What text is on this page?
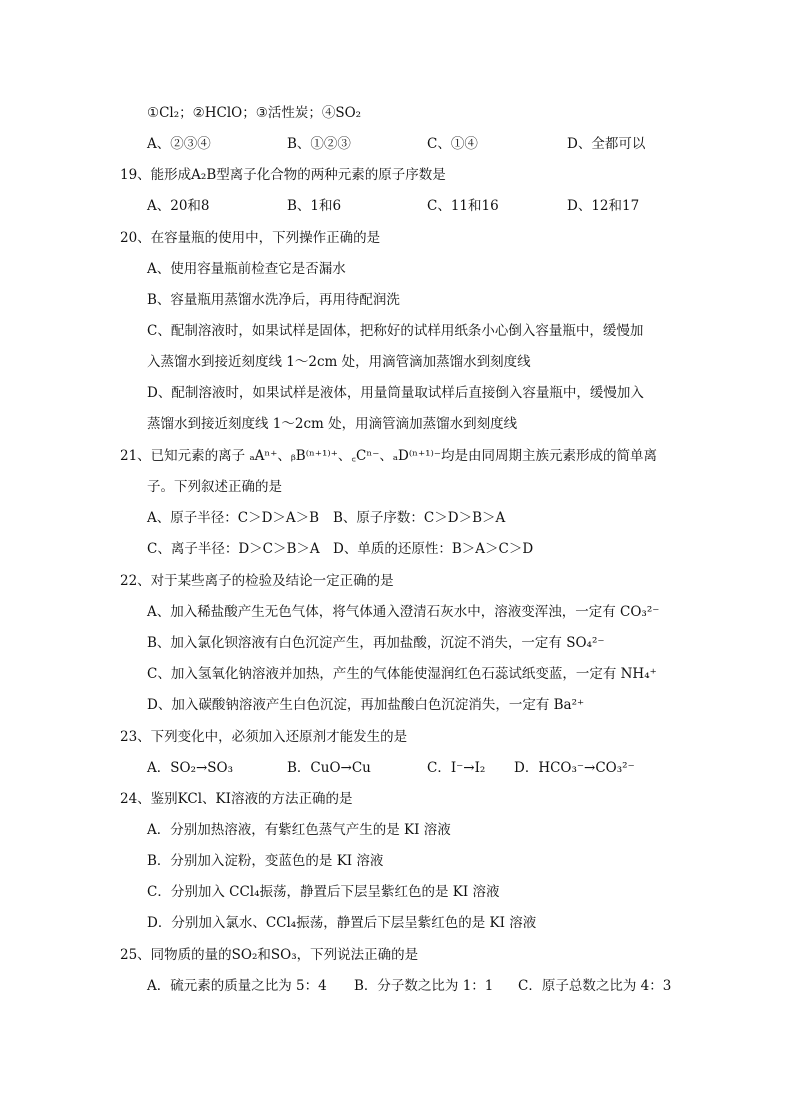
①Cl₂；②HClO；③活性炭；④SO₂
A、②③④	B、①②③	C、①④	D、全都可以
19、能形成A₂B型离子化合物的两种元素的原子序数是
A、20和8	B、1和6	C、11和16	D、12和17
20、在容量瓶的使用中，下列操作正确的是
A、使用容量瓶前检查它是否漏水
B、容量瓶用蒸馏水洗净后，再用待配润洗
C、配制溶液时，如果试样是固体，把称好的试样用纸条小心倒入容量瓶中，缓慢加
入蒸馏水到接近刻度线 1～2cm 处，用滴管滴加蒸馏水到刻度线
D、配制溶液时，如果试样是液体，用量筒量取试样后直接倒入容量瓶中，缓慢加入
蒸馏水到接近刻度线 1～2cm 处，用滴管滴加蒸馏水到刻度线
21、已知元素的离子 ₐAⁿ⁺、ᵦB⁽ⁿ⁺¹⁾⁺、꜀Cⁿ⁻、ₐD⁽ⁿ⁺¹⁾⁻均是由同周期主族元素形成的简单离
子。下列叙述正确的是
A、原子半径：C＞D＞A＞B B、原子序数：C＞D＞B＞A
C、离子半径：D＞C＞B＞A D、单质的还原性：B＞A＞C＞D
22、对于某些离子的检验及结论一定正确的是
A、加入稀盐酸产生无色气体，将气体通入澄清石灰水中，溶液变浑浊，一定有 CO₃²⁻
B、加入氯化钡溶液有白色沉淀产生，再加盐酸，沉淀不消失，一定有 SO₄²⁻
C、加入氢氧化钠溶液并加热，产生的气体能使湿润红色石蕊试纸变蓝，一定有 NH₄⁺
D、加入碳酸钠溶液产生白色沉淀，再加盐酸白色沉淀消失，一定有 Ba²⁺
23、下列变化中，必须加入还原剂才能发生的是
A．SO₂→SO₃	B．CuO→Cu	C．I⁻→I₂ D．HCO₃⁻→CO₃²⁻
24、鉴别KCl、KI溶液的方法正确的是
A．分别加热溶液，有紫红色蒸气产生的是 KI 溶液
B．分别加入淀粉，变蓝色的是 KI 溶液
C．分别加入 CCl₄振荡，静置后下层呈紫红色的是 KI 溶液
D．分别加入氯水、CCl₄振荡，静置后下层呈紫红色的是 KI 溶液
25、同物质的量的SO₂和SO₃，下列说法正确的是
A．硫元素的质量之比为 5：4 B．分子数之比为 1：1 C．原子总数之比为 4：3
